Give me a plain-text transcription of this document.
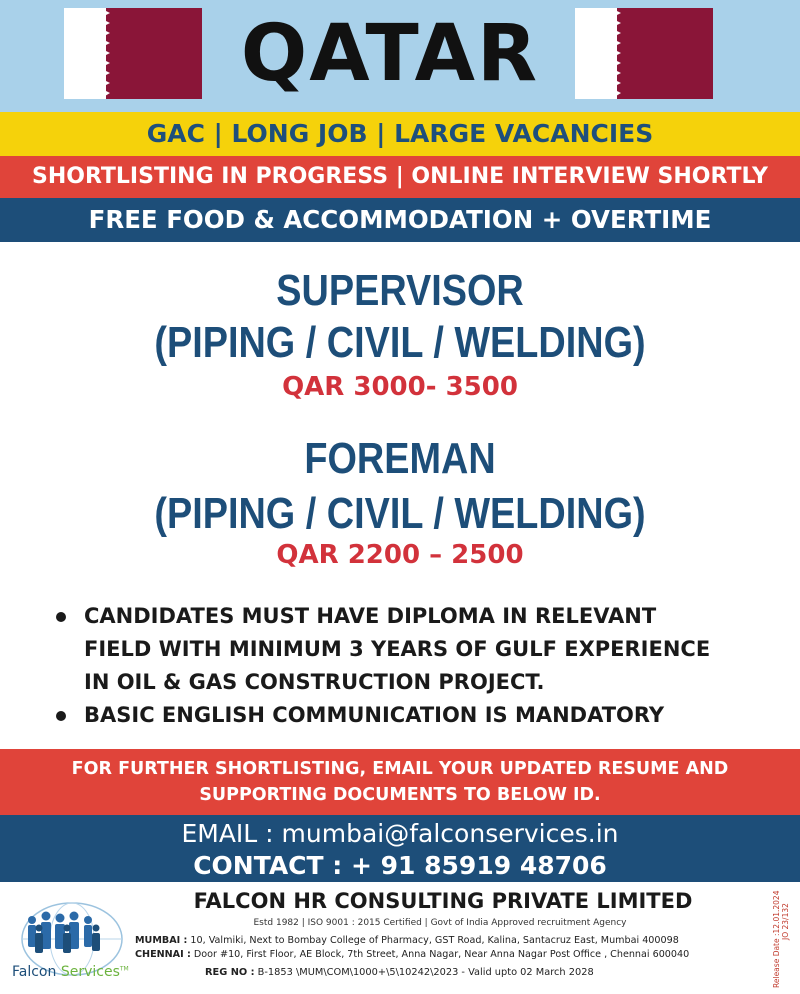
QATAR
GAC | LONG JOB | LARGE VACANCIES
SHORTLISTING IN PROGRESS | ONLINE INTERVIEW SHORTLY
FREE FOOD & ACCOMMODATION + OVERTIME
SUPERVISOR
(PIPING / CIVIL / WELDING)
QAR 3000- 3500
FOREMAN
(PIPING / CIVIL / WELDING)
QAR 2200 – 2500
CANDIDATES MUST HAVE DIPLOMA IN RELEVANT
FIELD WITH MINIMUM 3 YEARS OF GULF EXPERIENCE
IN OIL & GAS CONSTRUCTION PROJECT.
BASIC ENGLISH COMMUNICATION IS MANDATORY
FOR FURTHER SHORTLISTING, EMAIL YOUR UPDATED RESUME AND
SUPPORTING DOCUMENTS TO BELOW ID.
EMAIL : mumbai@falconservices.in
CONTACT : + 91 85919 48706
Falcon Services™
FALCON HR CONSULTING PRIVATE LIMITED
Estd 1982 | ISO 9001 : 2015 Certified | Govt of India Approved recruitment Agency
MUMBAI : 10, Valmiki, Next to Bombay College of Pharmacy, GST Road, Kalina, Santacruz East, Mumbai 400098
CHENNAI : Door #10, First Floor, AE Block, 7th Street, Anna Nagar, Near Anna Nagar Post Office , Chennai 600040
REG NO : B-1853 \MUM\COM\1000+\5\10242\2023 - Valid upto 02 March 2028	Release Date :12.01.2024 JO 23/132
